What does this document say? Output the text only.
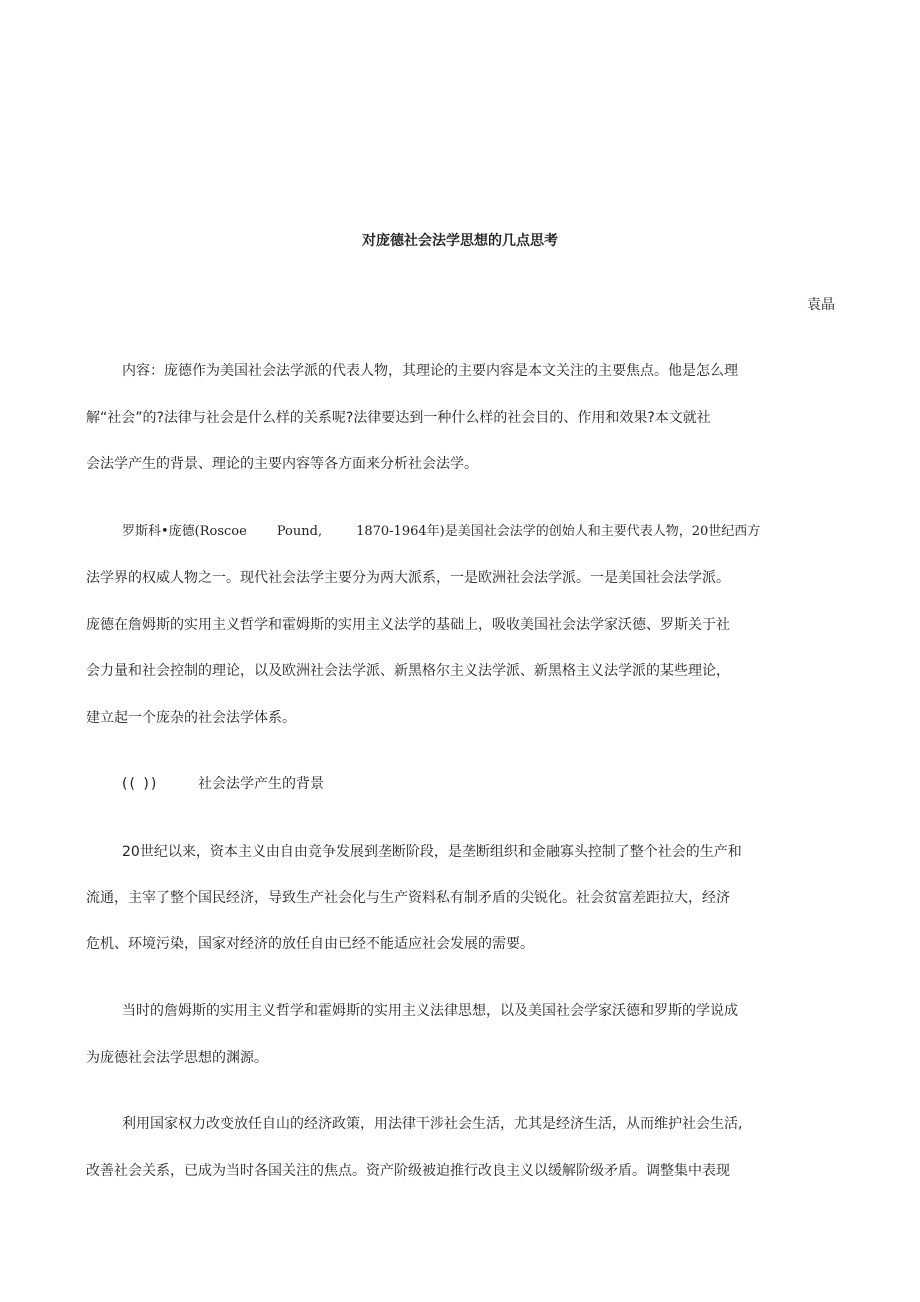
对庞德社会法学思想的几点思考
袁晶
内容：庞德作为美国社会法学派的代表人物，其理论的主要内容是本文关注的主要焦点。他是怎么理
解“社会”的?法律与社会是什么样的关系呢?法律要达到一种什么样的社会目的、作用和效果?本文就社
会法学产生的背景、理论的主要内容等各方面来分析社会法学。
罗斯科•庞德(Roscoe Pound,	1870-1964年)是美国社会法学的创始人和主要代表人物，20世纪西方
法学界的权威人物之一。现代社会法学主要分为两大派系，一是欧洲社会法学派。一是美国社会法学派。
庞德在詹姆斯的实用主义哲学和霍姆斯的实用主义法学的基础上，吸收美国社会法学家沃德、罗斯关于社
会力量和社会控制的理论，以及欧洲社会法学派、新黑格尔主义法学派、新黑格主义法学派的某些理论，
建立起一个庞杂的社会法学体系。
(( ))	社会法学产生的背景
20世纪以来，资本主义由自由竞争发展到垄断阶段，是垄断组织和金融寡头控制了整个社会的生产和
流通，主宰了整个国民经济，导致生产社会化与生产资料私有制矛盾的尖锐化。社会贫富差距拉大，经济
危机、环境污染，国家对经济的放任自由已经不能适应社会发展的需要。
当时的詹姆斯的实用主义哲学和霍姆斯的实用主义法律思想，以及美国社会学家沃德和罗斯的学说成
为庞德社会法学思想的渊源。
利用国家权力改变放任自山的经济政策，用法律干涉社会生活，尤其是经济生活，从而维护社会生活,
改善社会关系，已成为当时各国关注的焦点。资产阶级被迫推行改良主义以缓解阶级矛盾。调整集中表现
